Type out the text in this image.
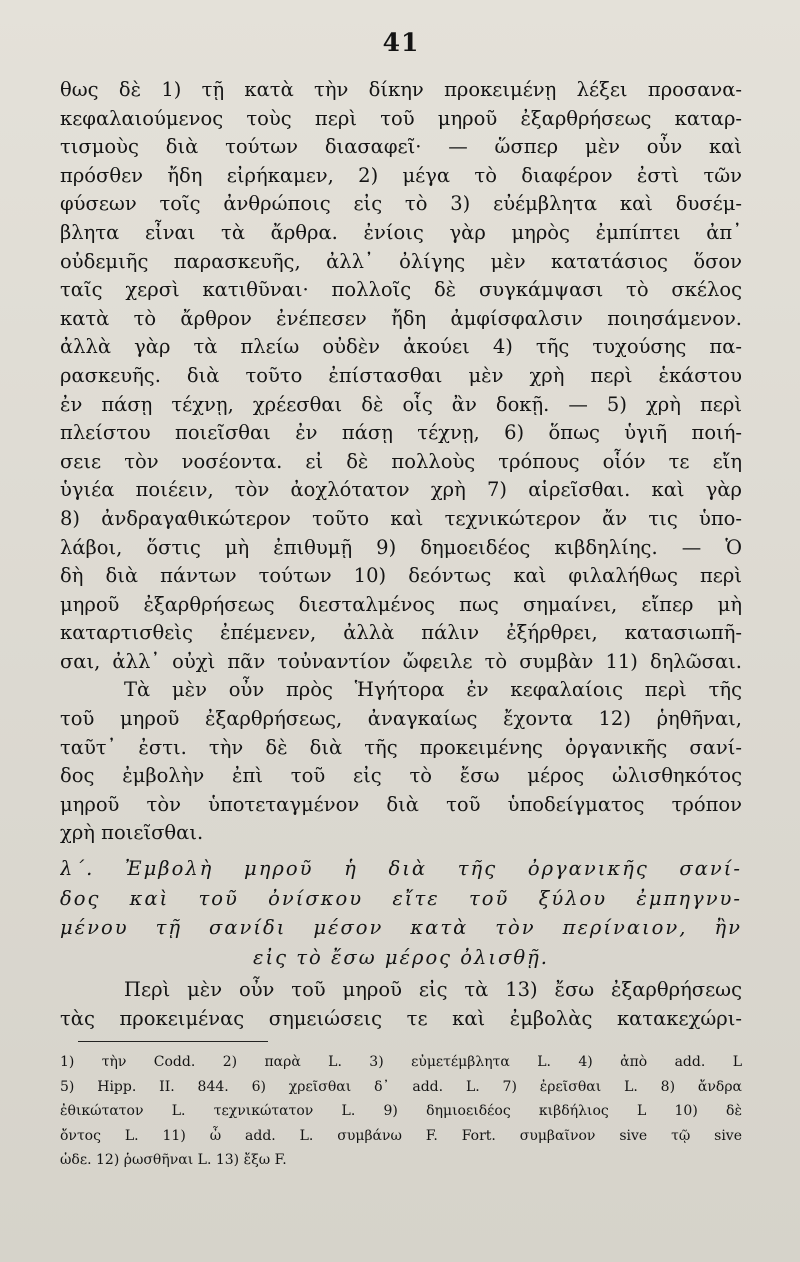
41
θως δὲ 1) τῇ κατὰ τὴν δίκην προκειμένῃ λέξει προσανα-
κεφαλαιούμενος τοὺς περὶ τοῦ μηροῦ ἐξαρθρήσεως καταρ-
τισμοὺς διὰ τούτων διασαφεῖ· — ὥσπερ μὲν οὖν καὶ
πρόσθεν ἤδη εἰρήκαμεν, 2) μέγα τὸ διαφέρον ἐστὶ τῶν
φύσεων τοῖς ἀνθρώποις εἰς τὸ 3) εὐέμβλητα καὶ δυσέμ-
βλητα εἶναι τὰ ἄρθρα. ἐνίοις γὰρ μηρὸς ἐμπίπτει ἀπ᾿
οὐδεμιῆς παρασκευῆς, ἀλλ᾿ ὀλίγης μὲν κατατάσιος ὅσον
ταῖς χερσὶ κατιθῦναι· πολλοῖς δὲ συγκάμψασι τὸ σκέλος
κατὰ τὸ ἄρθρον ἐνέπεσεν ἤδη ἀμφίσφαλσιν ποιησάμενον.
ἀλλὰ γὰρ τὰ πλείω οὐδὲν ἀκούει 4) τῆς τυχούσης πα-
ρασκευῆς. διὰ τοῦτο ἐπίστασθαι μὲν χρὴ περὶ ἑκάστου
ἐν πάσῃ τέχνῃ, χρέεσθαι δὲ οἷς ἂν δοκῇ. — 5) χρὴ περὶ
πλείστου ποιεῖσθαι ἐν πάσῃ τέχνῃ, 6) ὅπως ὑγιῆ ποιή-
σειε τὸν νοσέοντα. εἰ δὲ πολλοὺς τρόπους οἷόν τε εἴη
ὑγιέα ποιέειν, τὸν ἀοχλότατον χρὴ 7) αἱρεῖσθαι. καὶ γὰρ
8) ἀνδραγαθικώτερον τοῦτο καὶ τεχνικώτερον ἄν τις ὑπο-
λάβοι, ὅστις μὴ ἐπιθυμῇ 9) δημοειδέος κιβδηλίης. — Ὁ
δὴ διὰ πάντων τούτων 10) δεόντως καὶ φιλαλήθως περὶ
μηροῦ ἐξαρθρήσεως διεσταλμένος πως σημαίνει, εἴπερ μὴ
καταρτισθεὶς ἐπέμενεν, ἀλλὰ πάλιν ἐξήρθρει, κατασιωπῆ-
σαι, ἀλλ᾿ οὐχὶ πᾶν τοὐναντίον ὤφειλε τὸ συμβὰν 11) δηλῶσαι.
Τὰ μὲν οὖν πρὸς Ἡγήτορα ἐν κεφαλαίοις περὶ τῆς
τοῦ μηροῦ ἐξαρθρήσεως, ἀναγκαίως ἔχοντα 12) ῥηθῆναι,
ταῦτ᾿ ἐστι. τὴν δὲ διὰ τῆς προκειμένης ὀργανικῆς σανί-
δος ἐμβολὴν ἐπὶ τοῦ εἰς τὸ ἔσω μέρος ὠλισθηκότος
μηροῦ τὸν ὑποτεταγμένον διὰ τοῦ ὑποδείγματος τρόπον
χρὴ ποιεῖσθαι.
λ΄. Ἐμβολὴ μηροῦ ἡ διὰ τῆς ὀργανικῆς σανί-
δος καὶ τοῦ ὀνίσκου εἴτε τοῦ ξύλου ἐμπηγνυ-
μένου τῇ σανίδι μέσον κατὰ τὸν περίναιον, ἢν
εἰς τὸ ἔσω μέρος ὀλισθῇ.
Περὶ μὲν οὖν τοῦ μηροῦ εἰς τὰ 13) ἔσω ἐξαρθρήσεως
τὰς προκειμένας σημειώσεις τε καὶ ἐμβολὰς κατακεχώρι-
1) τὴν Codd. 2) παρὰ L. 3) εὐμετέμβλητα L. 4) ἀπὸ add. L
5) Hipp. II. 844. 6) χρεῖσθαι δ᾿ add. L. 7) ἐρεῖσθαι L. 8) ἄνδρα
ἐθικώτατον L. τεχνικώτατον L. 9) δημιοειδέος κιβδήλιος L 10) δὲ
ὄντος L. 11) ὦ add. L. συμβάνω F. Fort. συμβαῖνον sive τῷ sive
ὡδε. 12) ῥωσθῆναι L. 13) ἔξω F.
